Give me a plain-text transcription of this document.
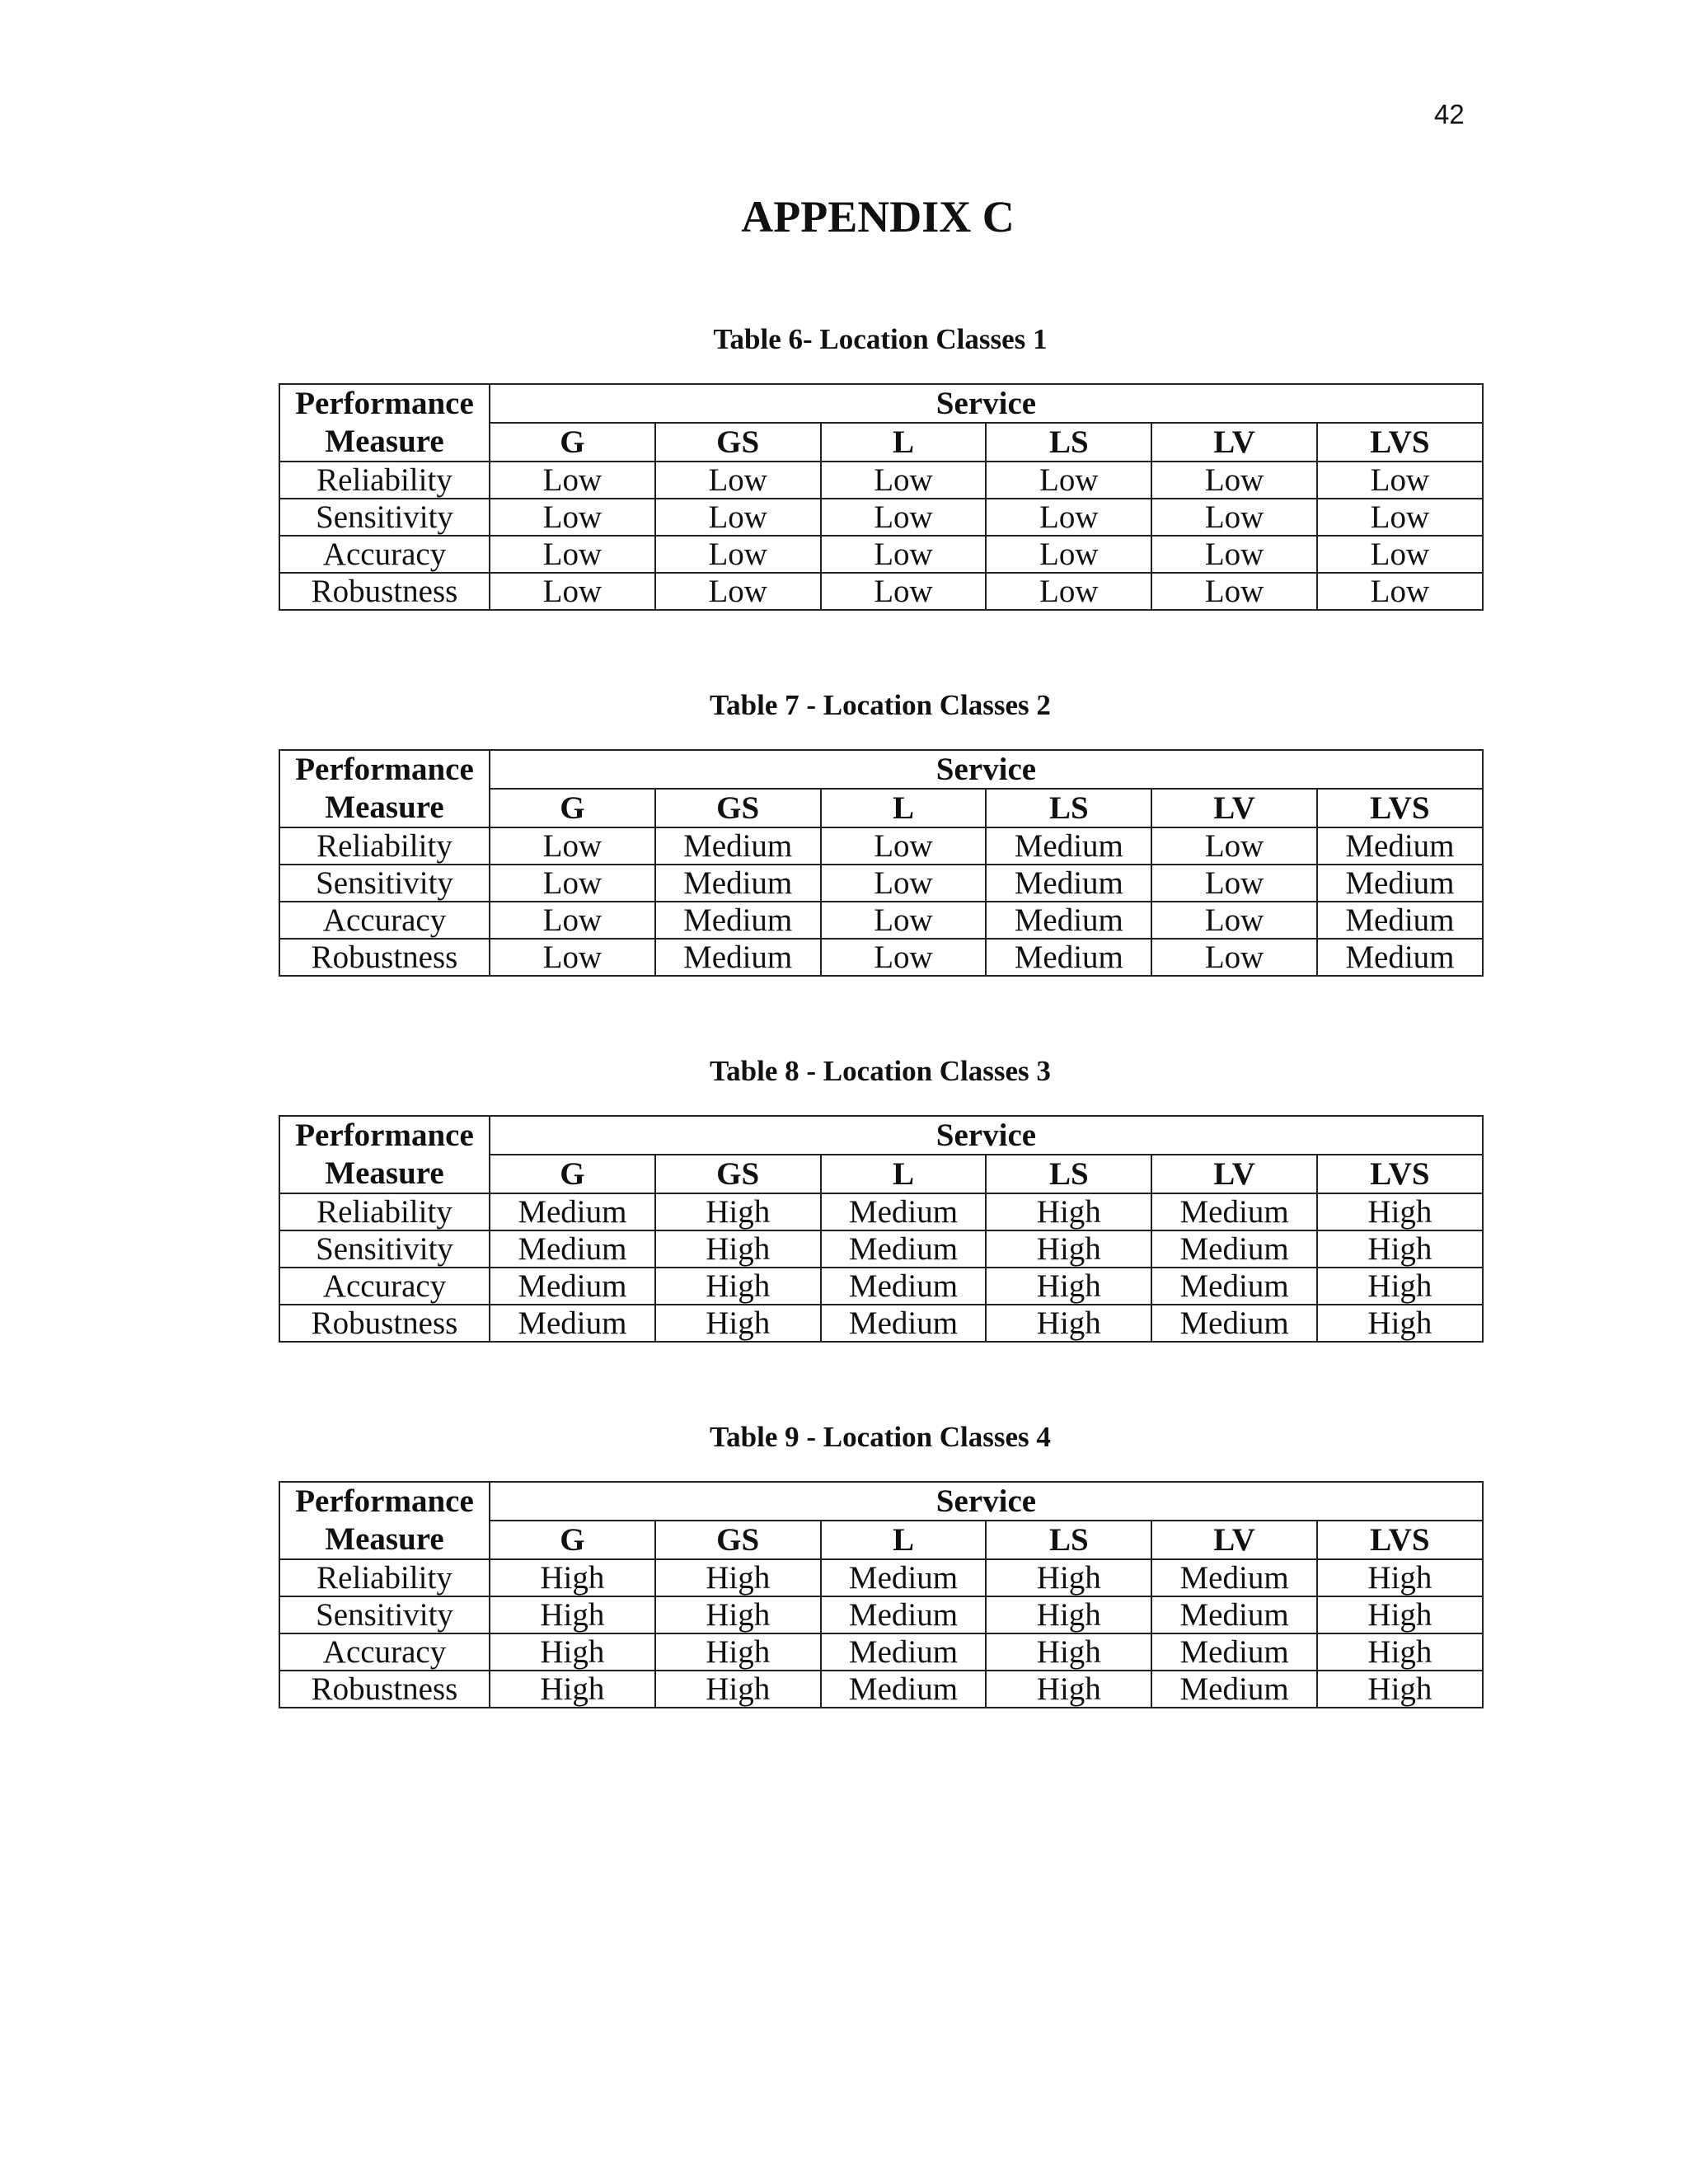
42
APPENDIX C
Table 6- Location Classes 1
Performance
Measure	Service					
	G	GS	L	LS	LV	LVS
Reliability	Low	Low	Low	Low	Low	Low
Sensitivity	Low	Low	Low	Low	Low	Low
Accuracy	Low	Low	Low	Low	Low	Low
Robustness	Low	Low	Low	Low	Low	Low
Table 7 - Location Classes 2
Performance
Measure	Service					
	G	GS	L	LS	LV	LVS
Reliability	Low	Medium	Low	Medium	Low	Medium
Sensitivity	Low	Medium	Low	Medium	Low	Medium
Accuracy	Low	Medium	Low	Medium	Low	Medium
Robustness	Low	Medium	Low	Medium	Low	Medium
Table 8 - Location Classes 3
Performance
Measure	Service					
	G	GS	L	LS	LV	LVS
Reliability	Medium	High	Medium	High	Medium	High
Sensitivity	Medium	High	Medium	High	Medium	High
Accuracy	Medium	High	Medium	High	Medium	High
Robustness	Medium	High	Medium	High	Medium	High
Table 9 - Location Classes 4
Performance
Measure	Service					
	G	GS	L	LS	LV	LVS
Reliability	High	High	Medium	High	Medium	High
Sensitivity	High	High	Medium	High	Medium	High
Accuracy	High	High	Medium	High	Medium	High
Robustness	High	High	Medium	High	Medium	High
